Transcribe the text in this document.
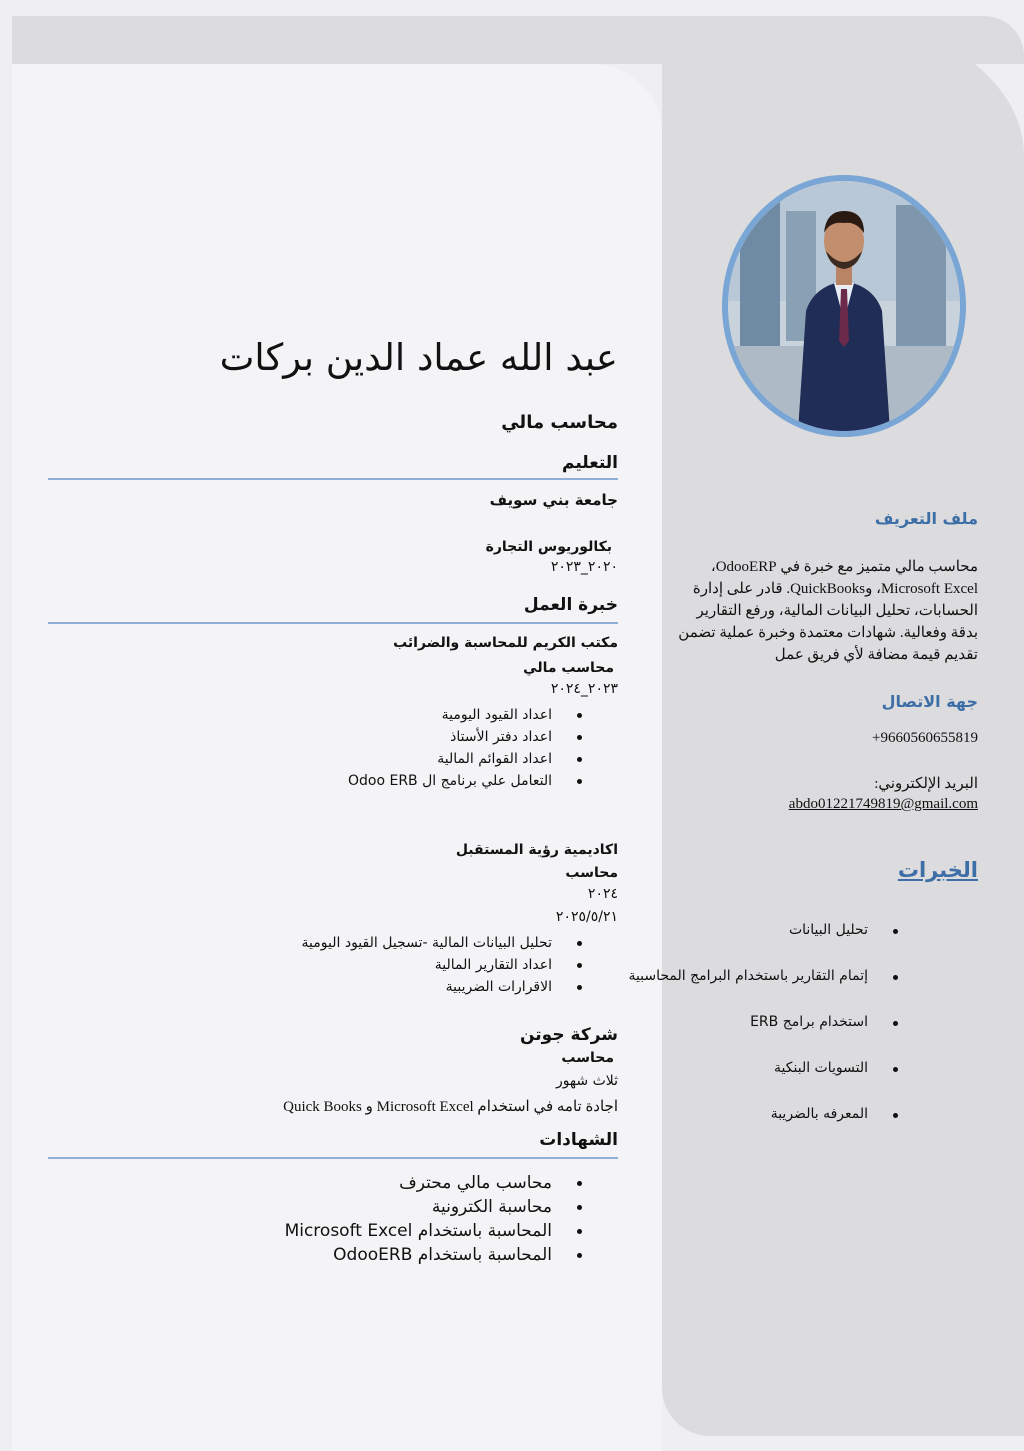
عبد الله عماد الدين بركات
محاسب مالي
التعليم
جامعة بني سويف
بكالوريوس التجارة
٢٠٢٠_٢٠٢٣
خبرة العمل
مكتب الكريم للمحاسبة والضرائب
محاسب مالي
٢٠٢٣_٢٠٢٤
اعداد القيود اليومية
اعداد دفتر الأستاذ
اعداد القوائم المالية
التعامل علي برنامج ال Odoo ERB
اكاديمية رؤية المستقبل
محاسب
٢٠٢٤
٢٠٢٥/٥/٢١
تحليل البيانات المالية -تسجيل القيود اليومية
اعداد التقارير المالية
الاقرارات الضريبية
شركة جوتن
محاسب
ثلاث شهور
اجادة تامه في استخدام Microsoft Excel و Quick Books
الشهادات
محاسب مالي محترف
محاسبة الكترونية
المحاسبة باستخدام Microsoft Excel
المحاسبة باستخدام OdooERB
ملف التعريف
محاسب مالي متميز مع خبرة في OdooERP،
Microsoft Excel، وQuickBooks. قادر على إدارة
الحسابات، تحليل البيانات المالية، ورفع التقارير
بدقة وفعالية. شهادات معتمدة وخبرة عملية تضمن
تقديم قيمة مضافة لأي فريق عمل
جهة الاتصال
+9660560655819
البريد الإلكتروني:
abdo01221749819@gmail.com
الخبرات
تحليل البيانات
إتمام التقارير باستخدام البرامج المحاسبية
استخدام برامج ERB
التسويات البنكية
المعرفه بالضريبة
